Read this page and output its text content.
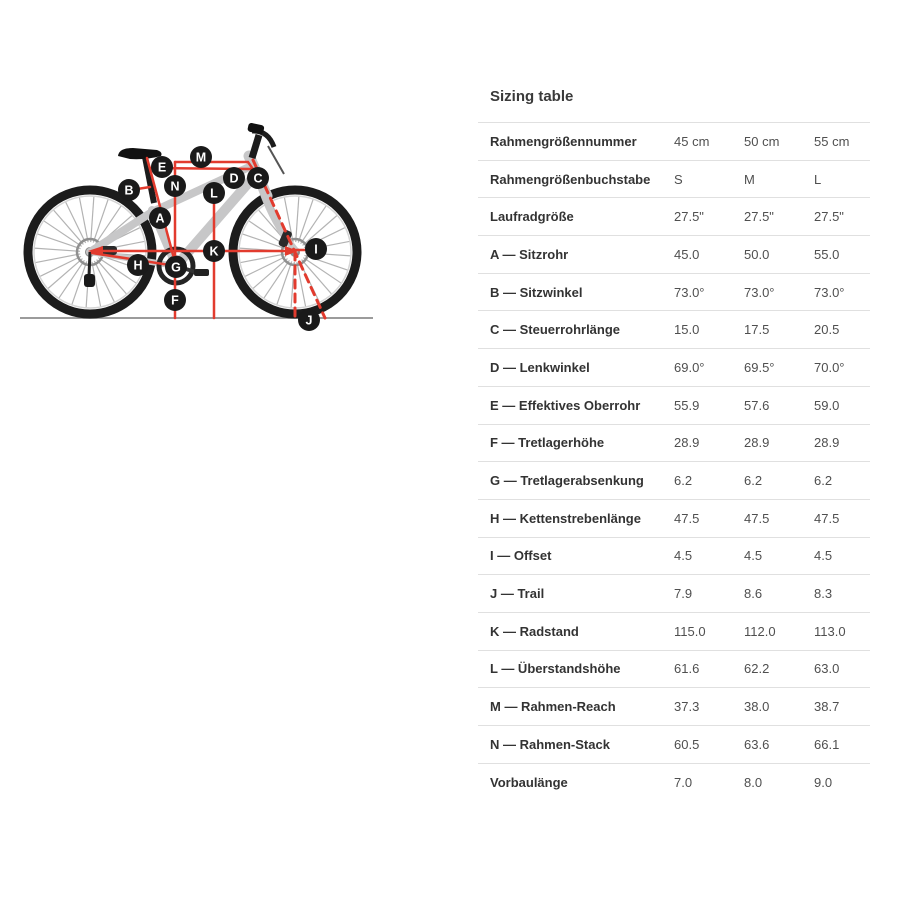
A
B
C
D
E
F
G
H
I
J
K
L
M
N
Sizing table
Rahmengrößennummer	45 cm	50 cm	55 cm
Rahmengrößenbuchstabe	S	M	L
Laufradgröße	27.5"	27.5"	27.5"
A — Sitzrohr	45.0	50.0	55.0
B — Sitzwinkel	73.0°	73.0°	73.0°
C — Steuerrohrlänge	15.0	17.5	20.5
D — Lenkwinkel	69.0°	69.5°	70.0°
E — Effektives Oberrohr	55.9	57.6	59.0
F — Tretlagerhöhe	28.9	28.9	28.9
G — Tretlagerabsenkung	6.2	6.2	6.2
H — Kettenstrebenlänge	47.5	47.5	47.5
I — Offset	4.5	4.5	4.5
J — Trail	7.9	8.6	8.3
K — Radstand	115.0	112.0	113.0
L — Überstandshöhe	61.6	62.2	63.0
M — Rahmen-Reach	37.3	38.0	38.7
N — Rahmen-Stack	60.5	63.6	66.1
Vorbaulänge	7.0	8.0	9.0
